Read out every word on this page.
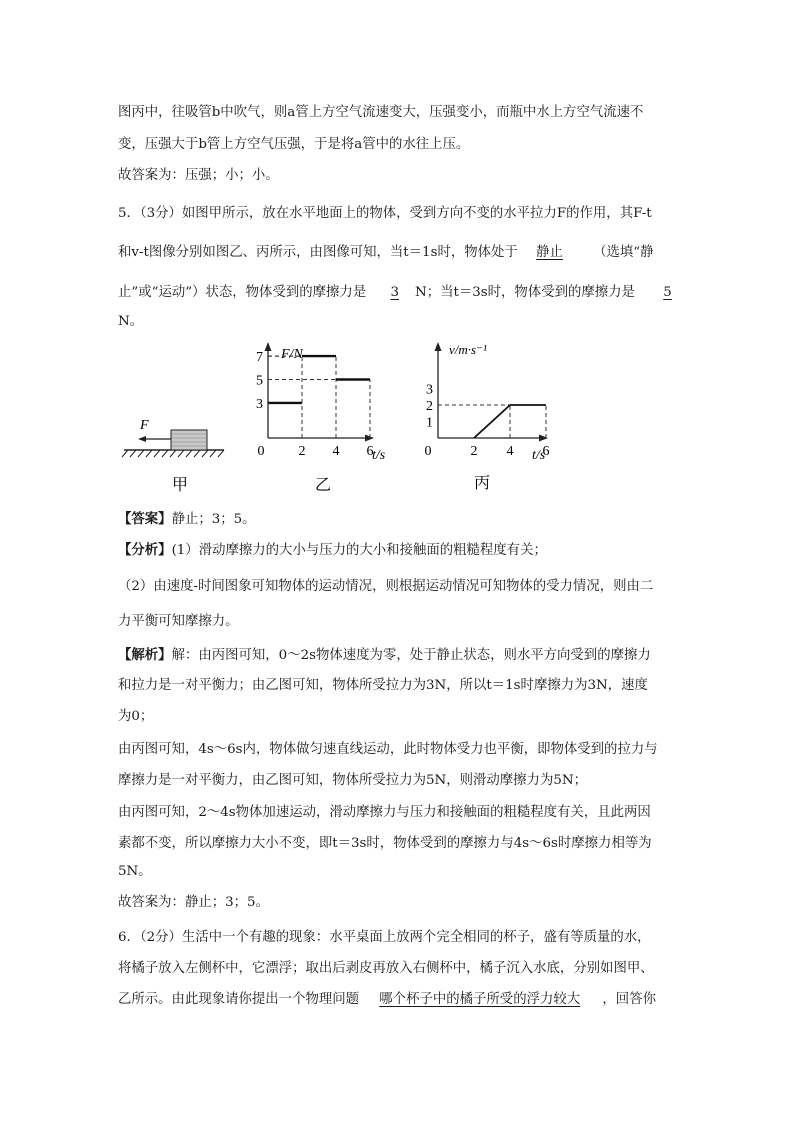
图丙中，往吸管b中吹气，则a管上方空气流速变大，压强变小，而瓶中水上方空气流速不
变，压强大于b管上方空气压强，于是将a管中的水往上压。
故答案为：压强；小；小。
5．（3分）如图甲所示，放在水平地面上的物体，受到方向不变的水平拉力F的作用，其F-t
和v-t图像分别如图乙、丙所示，由图像可知，当t＝1s时，物体处于 静止 （选填“静
止”或“运动”）状态，物体受到的摩擦力是 3 N；当t＝3s时，物体受到的摩擦力是 5
N。
F
F/N
t/s
0
7
5
3
2 4 6
v/m·s⁻¹
t/s
0
3
2
1
2 4 6
甲	乙	丙
【答案】静止；3；5。
【分析】(1）滑动摩擦力的大小与压力的大小和接触面的粗糙程度有关；
（2）由速度-时间图象可知物体的运动情况，则根据运动情况可知物体的受力情况，则由二
力平衡可知摩擦力。
【解析】解：由丙图可知，0～2s物体速度为零，处于静止状态，则水平方向受到的摩擦力
和拉力是一对平衡力；由乙图可知，物体所受拉力为3N，所以t＝1s时摩擦力为3N，速度
为0；
由丙图可知，4s～6s内，物体做匀速直线运动，此时物体受力也平衡，即物体受到的拉力与
摩擦力是一对平衡力，由乙图可知，物体所受拉力为5N，则滑动摩擦力为5N；
由丙图可知，2～4s物体加速运动，滑动摩擦力与压力和接触面的粗糙程度有关，且此两因
素都不变，所以摩擦力大小不变，即t＝3s时，物体受到的摩擦力与4s～6s时摩擦力相等为
5N。
故答案为：静止；3；5。
6．（2分）生活中一个有趣的现象：水平桌面上放两个完全相同的杯子，盛有等质量的水，
将橘子放入左侧杯中，它漂浮；取出后剥皮再放入右侧杯中，橘子沉入水底，分别如图甲、
乙所示。由此现象请你提出一个物理问题 哪个杯子中的橘子所受的浮力较大 ，回答你
